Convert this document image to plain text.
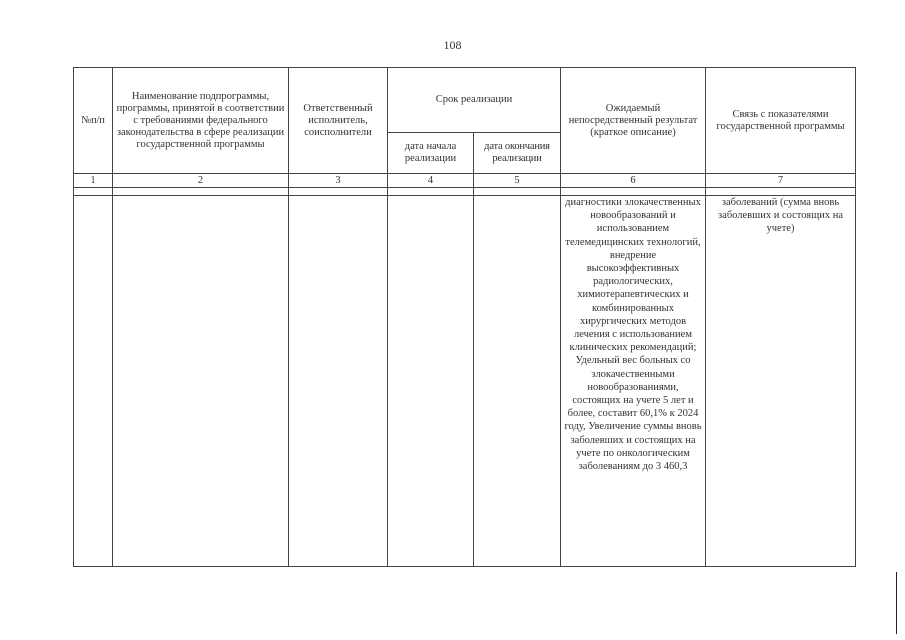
108
№п/п	Наименование подпрограммы, программы, принятой в соответствии с требованиями федерального законодательства в сфере реализации государственной программы	Ответственный исполнитель, соисполнители	Срок реализации		Ожидаемый непосредственный результат (краткое описание)	Связь с показателями государственной программы
			дата начала реализации	дата окончания реализации		
1	2	3	4	5	6	7

					диагностики злокачественных новообразований и использованием телемедицинских технологий, внедрение высокоэффективных радиологических, химиотерапевтических и комбинированных хирургических методов лечения с использованием клинических рекомендаций; Удельный вес больных со злокачественными новообразованиями, состоящих на учете 5 лет и более, составит 60,1% к 2024 году, Увеличение суммы вновь заболевших и состоящих на учете по онкологическим заболеваниям до 3 460,3	заболеваний (сумма вновь заболевших и состоящих на учете)
